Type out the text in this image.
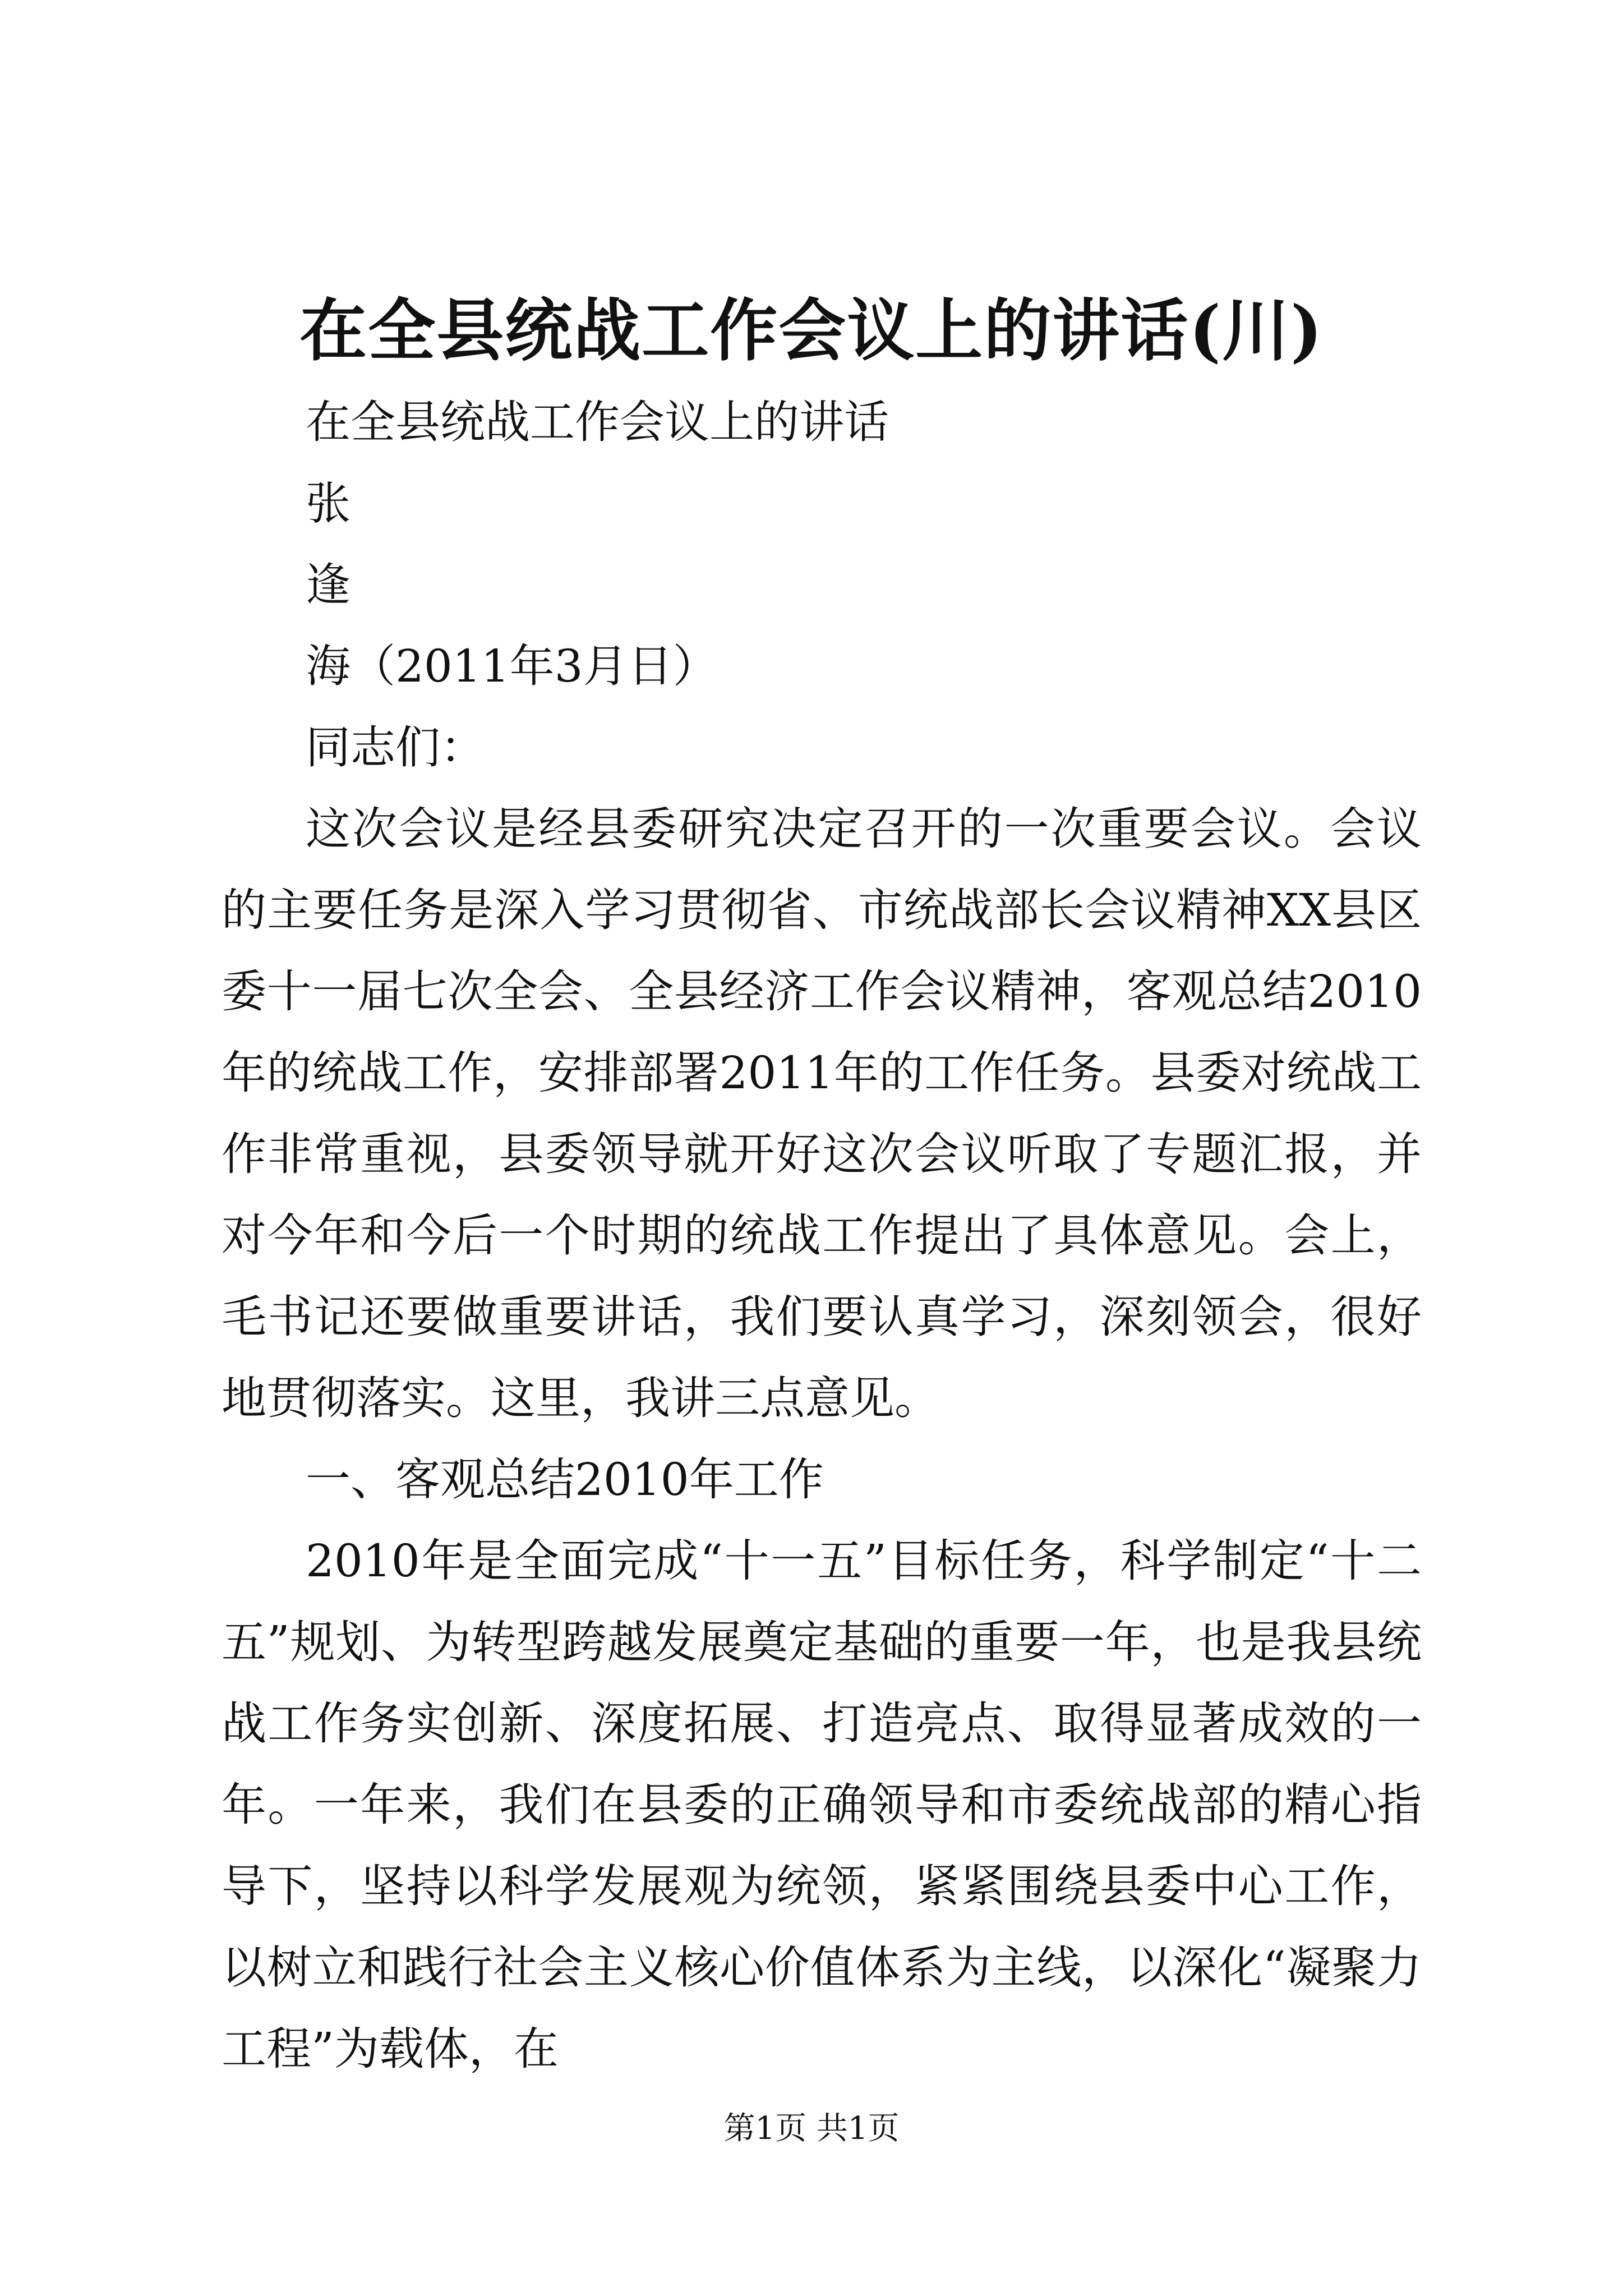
在全县统战工作会议上的讲话(川)
在全县统战工作会议上的讲话
张
逢
海（2011年3月日）
同志们：

这次会议是经县委研究决定召开的一次重要会议。会议的主要任务是深入学习贯彻省、市统战部长会议精神XX县区委十一届七次全会、全县经济工作会议精神，客观总结2010年的统战工作，安排部署2011年的工作任务。县委对统战工作非常重视，县委领导就开好这次会议听取了专题汇报，并对今年和今后一个时期的统战工作提出了具体意见。会上，毛书记还要做重要讲话，我们要认真学习，深刻领会，很好地贯彻落实。这里，我讲三点意见。

一、客观总结2010年工作

2010年是全面完成“十一五”目标任务，科学制定“十二五”规划、为转型跨越发展奠定基础的重要一年，也是我县统战工作务实创新、深度拓展、打造亮点、取得显著成效的一年。一年来，我们在县委的正确领导和市委统战部的精心指导下，坚持以科学发展观为统领，紧紧围绕县委中心工作，以树立和践行社会主义核心价值体系为主线，以深化“凝聚力工程”为载体，在

第1页 共1页
